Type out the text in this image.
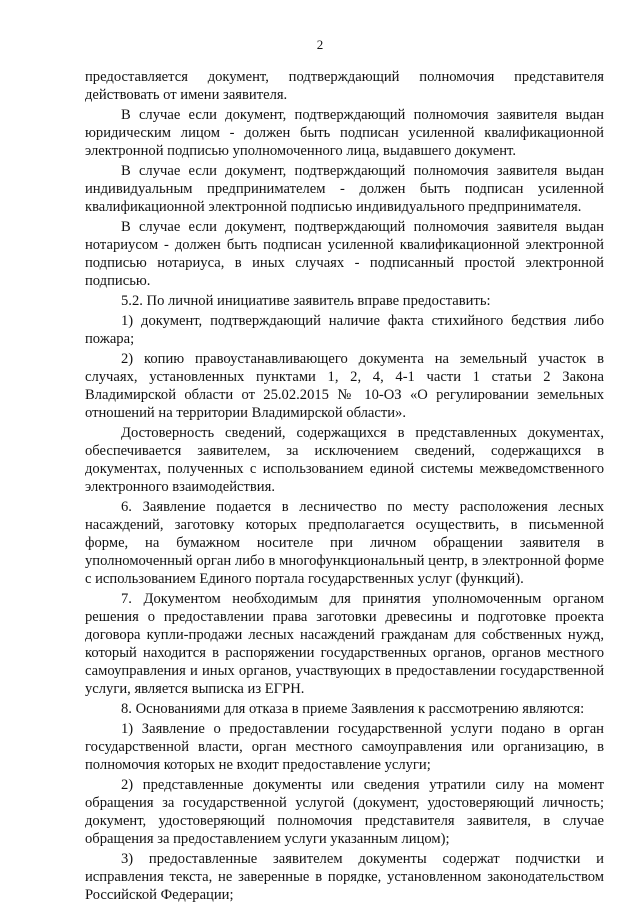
2

предоставляется документ, подтверждающий полномочия представителя действовать от имени заявителя.

В случае если документ, подтверждающий полномочия заявителя выдан юридическим лицом - должен быть подписан усиленной квалификационной электронной подписью уполномоченного лица, выдавшего документ.

В случае если документ, подтверждающий полномочия заявителя выдан индивидуальным предпринимателем - должен быть подписан усиленной квалификационной электронной подписью индивидуального предпринимателя.

В случае если документ, подтверждающий полномочия заявителя выдан нотариусом - должен быть подписан усиленной квалификационной электронной подписью нотариуса, в иных случаях - подписанный простой электронной подписью.

5.2. По личной инициативе заявитель вправе предоставить:

1) документ, подтверждающий наличие факта стихийного бедствия либо пожара;

2) копию правоустанавливающего документа на земельный участок в случаях, установленных пунктами 1, 2, 4, 4-1 части 1 статьи 2 Закона Владимирской области от 25.02.2015 № 10-ОЗ «О регулировании земельных отношений на территории Владимирской области».

Достоверность сведений, содержащихся в представленных документах, обеспечивается заявителем, за исключением сведений, содержащихся в документах, полученных с использованием единой системы межведомственного электронного взаимодействия.

6. Заявление подается в лесничество по месту расположения лесных насаждений, заготовку которых предполагается осуществить, в письменной форме, на бумажном носителе при личном обращении заявителя в уполномоченный орган либо в многофункциональный центр, в электронной форме с использованием Единого портала государственных услуг (функций).

7. Документом необходимым для принятия уполномоченным органом решения о предоставлении права заготовки древесины и подготовке проекта договора купли-продажи лесных насаждений гражданам для собственных нужд, который находится в распоряжении государственных органов, органов местного самоуправления и иных органов, участвующих в предоставлении государственной услуги, является выписка из ЕГРН.

8. Основаниями для отказа в приеме Заявления к рассмотрению являются:

1) Заявление о предоставлении государственной услуги подано в орган государственной власти, орган местного самоуправления или организацию, в полномочия которых не входит предоставление услуги;

2) представленные документы или сведения утратили силу на момент обращения за государственной услугой (документ, удостоверяющий личность; документ, удостоверяющий полномочия представителя заявителя, в случае обращения за предоставлением услуги указанным лицом);

3) предоставленные заявителем документы содержат подчистки и исправления текста, не заверенные в порядке, установленном законодательством Российской Федерации;
